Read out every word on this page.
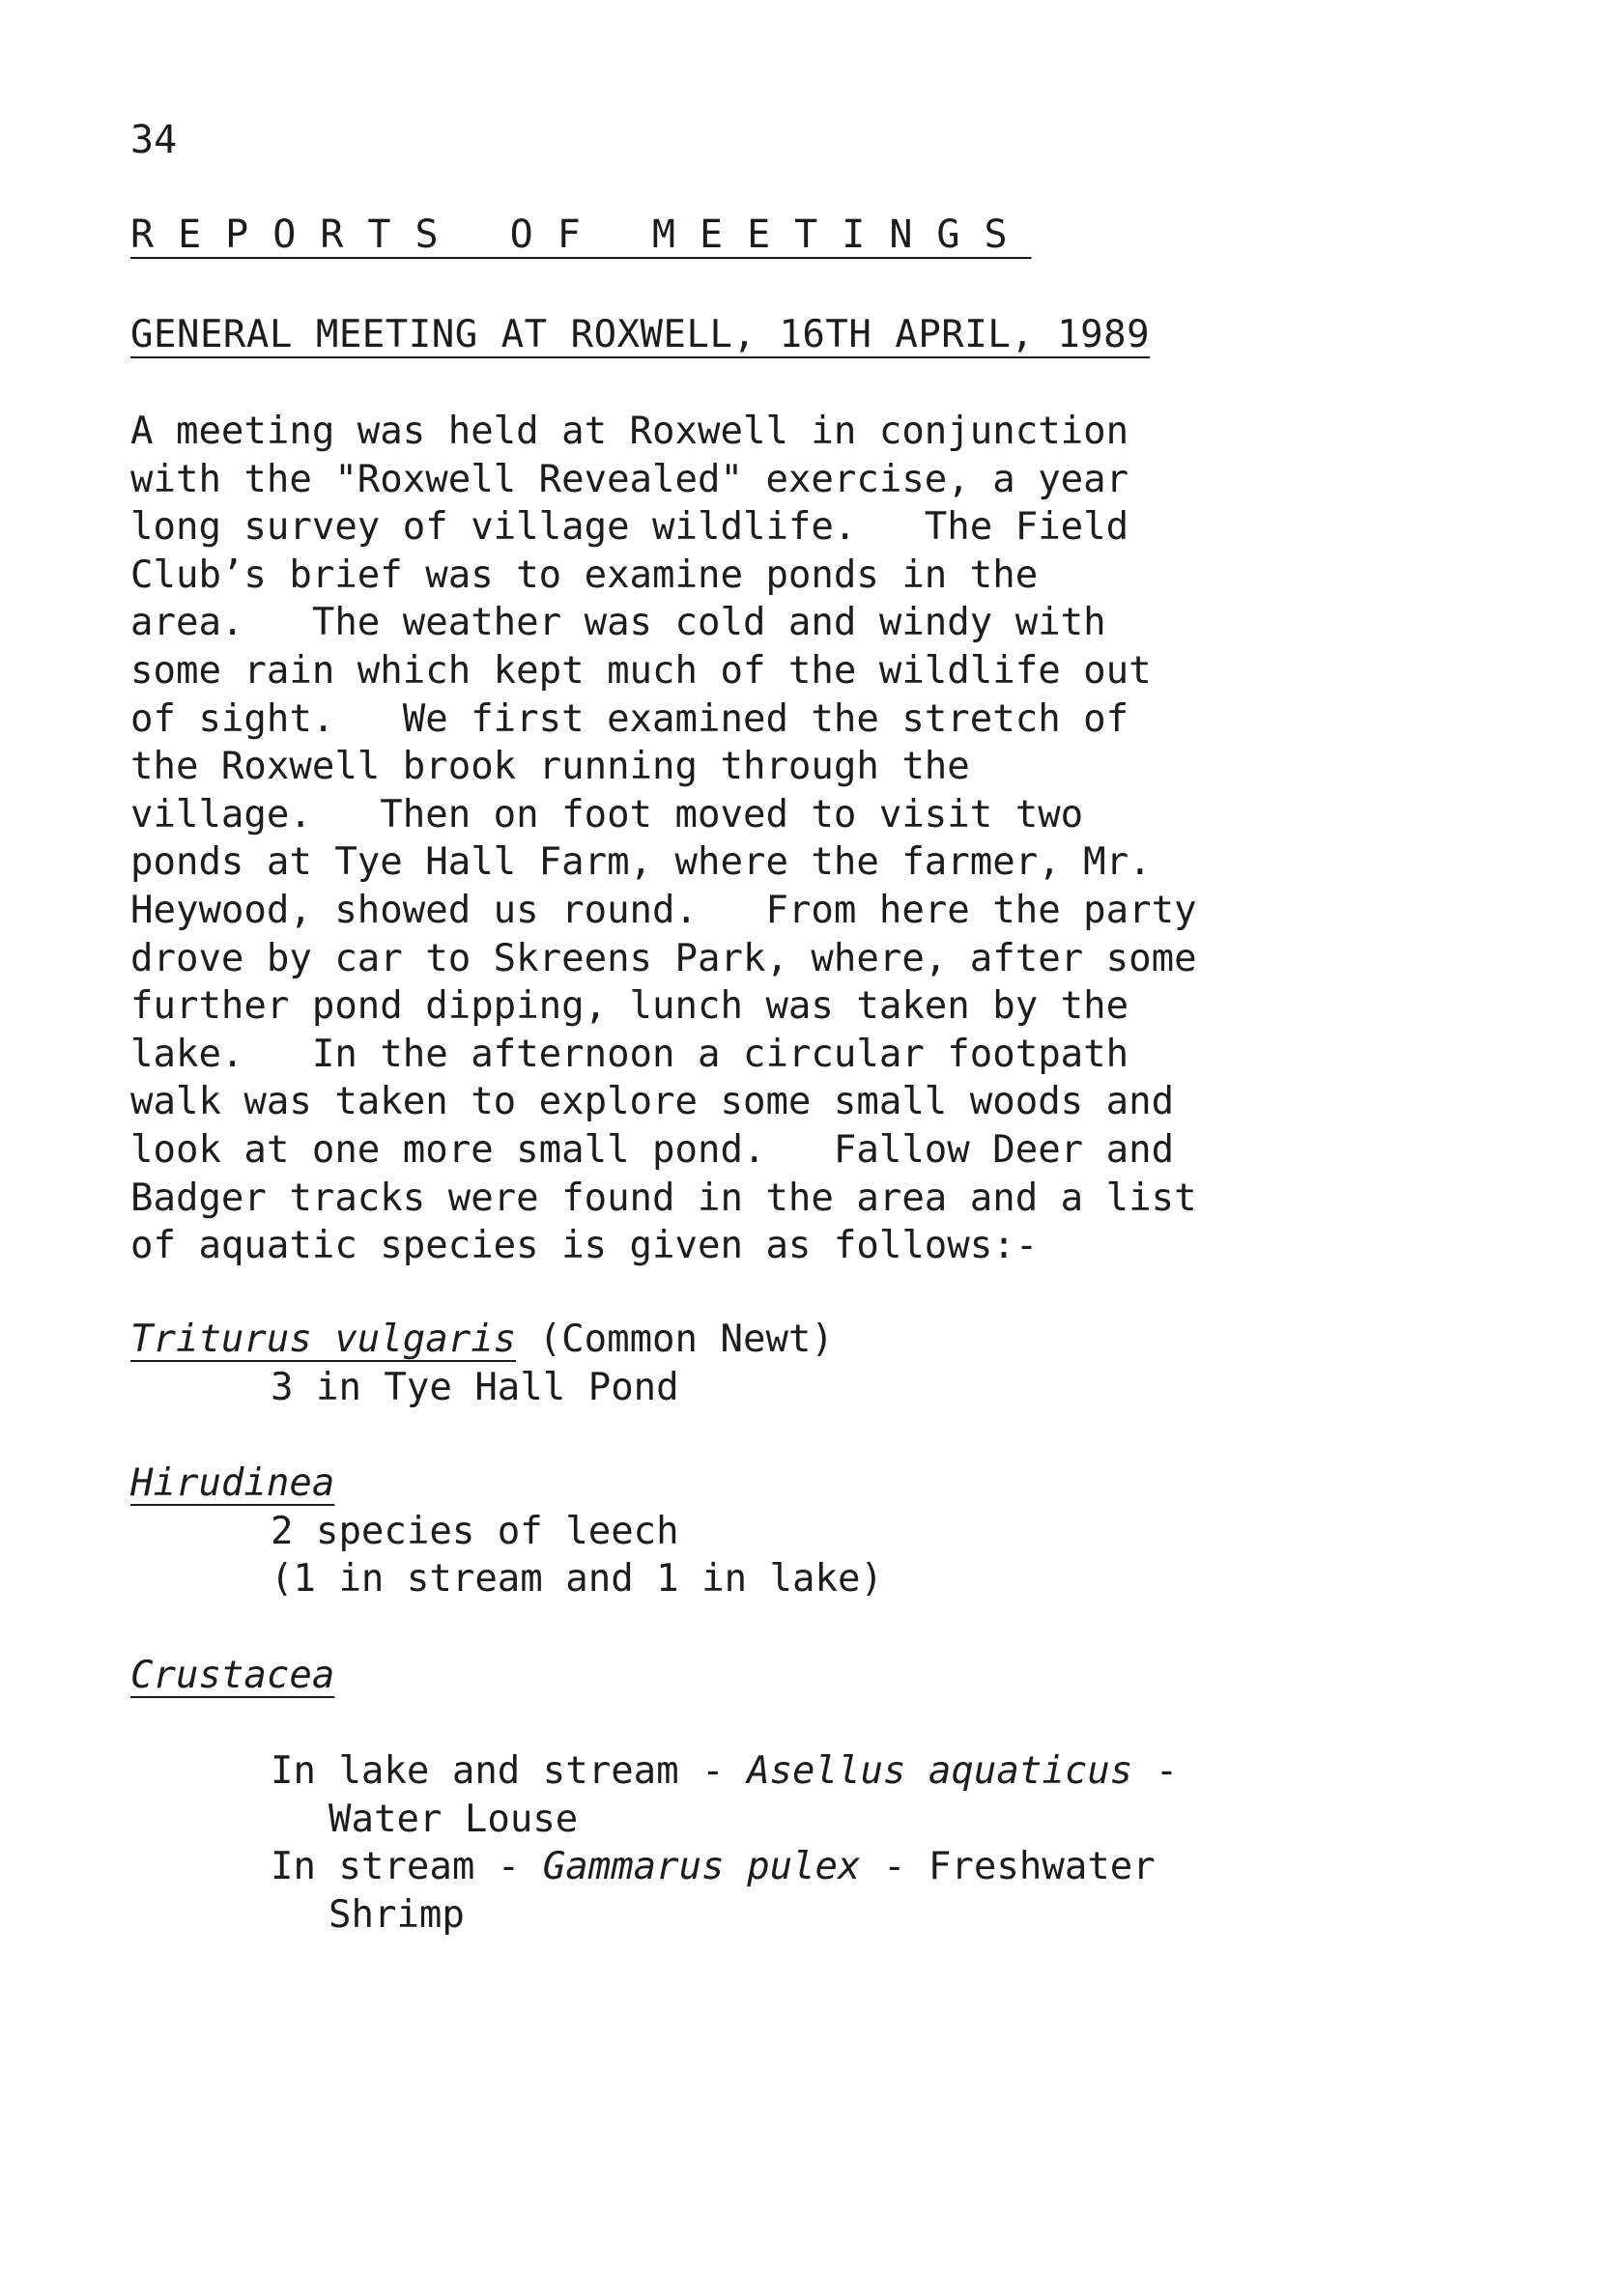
34
REPORTS OF MEETINGS
GENERAL MEETING AT ROXWELL, 16TH APRIL, 1989
A meeting was held at Roxwell in conjunction
with the "Roxwell Revealed" exercise, a year
long survey of village wildlife.   The Field
Club’s brief was to examine ponds in the
area.   The weather was cold and windy with
some rain which kept much of the wildlife out
of sight.   We first examined the stretch of
the Roxwell brook running through the
village.   Then on foot moved to visit two
ponds at Tye Hall Farm, where the farmer, Mr.
Heywood, showed us round.   From here the party
drove by car to Skreens Park, where, after some
further pond dipping, lunch was taken by the
lake.   In the afternoon a circular footpath
walk was taken to explore some small woods and
look at one more small pond.   Fallow Deer and
Badger tracks were found in the area and a list
of aquatic species is given as follows:-
Triturus vulgaris (Common Newt)
3 in Tye Hall Pond
Hirudinea
2 species of leech
(1 in stream and 1 in lake)
Crustacea
In lake and stream - Asellus aquaticus -
Water Louse
In stream - Gammarus pulex - Freshwater
Shrimp
